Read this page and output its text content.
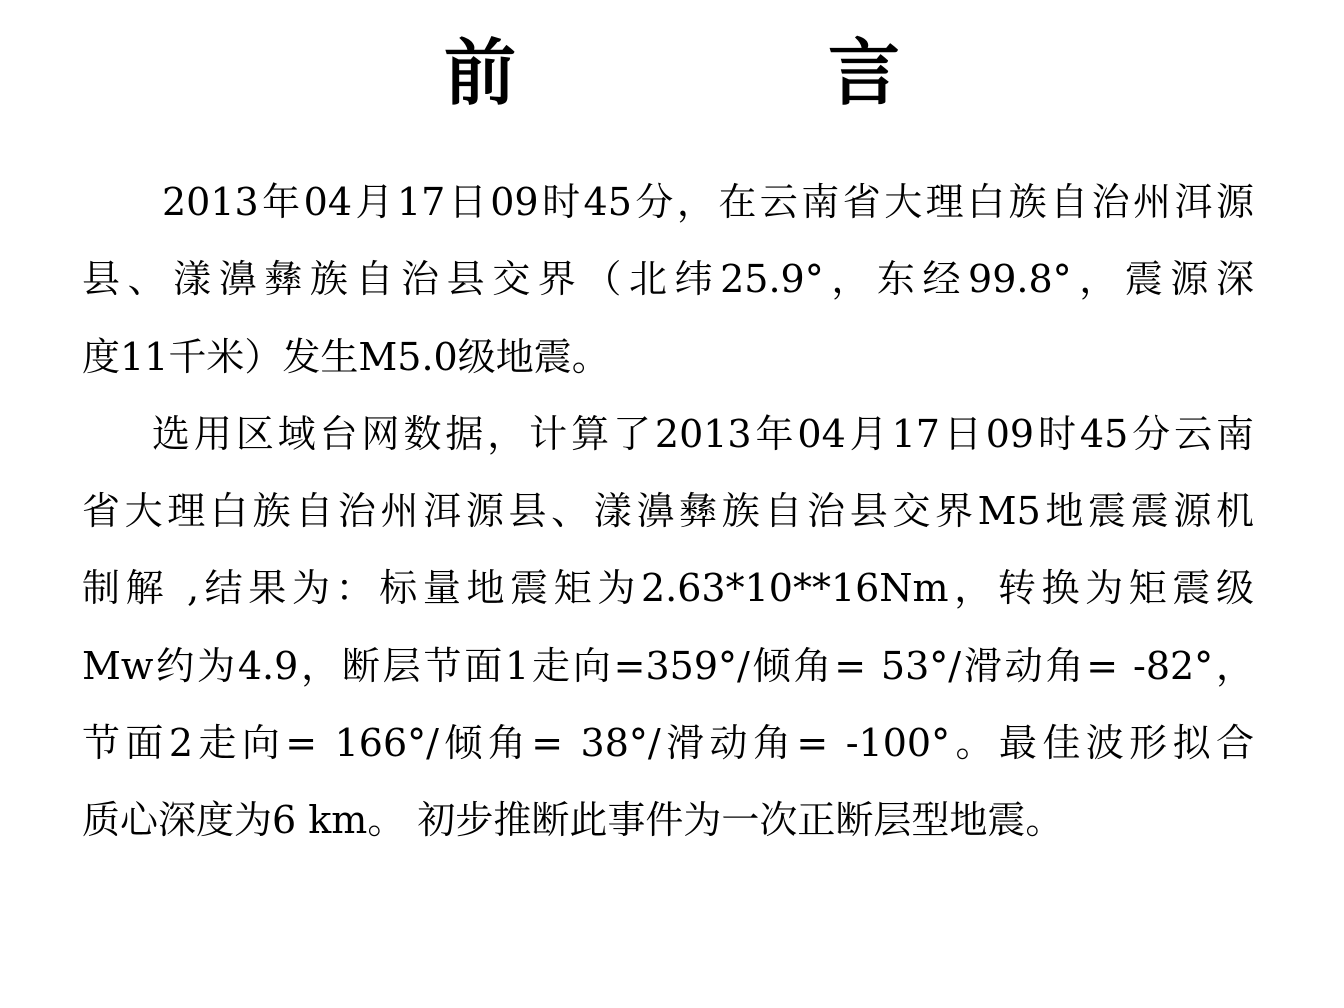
前　言
2013年04月17日09时45分，在云南省大理白族自治州洱源
县、漾濞彝族自治县交界（北纬25.9°，东经99.8°，震源深
度11千米）发生M5.0级地震。
选用区域台网数据，计算了2013年04月17日09时45分云南
省大理白族自治州洱源县、漾濞彝族自治县交界M5地震震源机
制解 ,结果为：标量地震矩为2.63*10**16Nm，转换为矩震级
Mw约为4.9，断层节面1走向=359°/倾角= 53°/滑动角= -82°，
节面2走向= 166°/倾角= 38°/滑动角= -100°。最佳波形拟合
质心深度为6 km。 初步推断此事件为一次正断层型地震。
